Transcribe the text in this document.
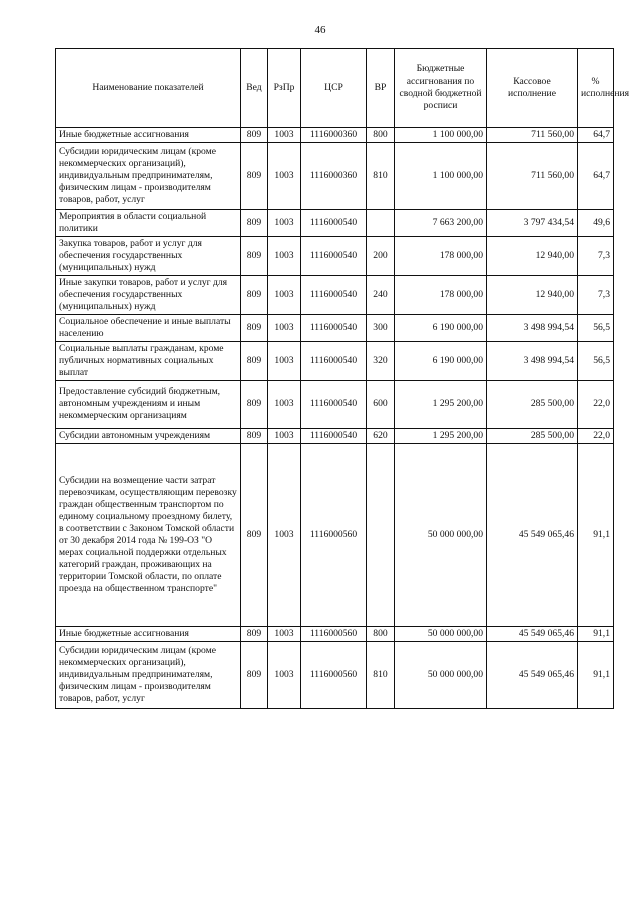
46
Наименование показателей	Вед	РзПр	ЦСР	ВР	Бюджетные ассигнования по сводной бюджетной росписи	Кассовое исполнение	% исполнения
Иные бюджетные ассигнования	809	1003	1116000360	800	1 100 000,00	711 560,00	64,7
Субсидии юридическим лицам (кроме некоммерческих организаций), индивидуальным предпринимателям, физическим лицам - производителям товаров, работ, услуг	809	1003	1116000360	810	1 100 000,00	711 560,00	64,7
Мероприятия в области социальной политики	809	1003	1116000540		7 663 200,00	3 797 434,54	49,6
Закупка товаров, работ и услуг для обеспечения государственных (муниципальных) нужд	809	1003	1116000540	200	178 000,00	12 940,00	7,3
Иные закупки товаров, работ и услуг для обеспечения государственных (муниципальных) нужд	809	1003	1116000540	240	178 000,00	12 940,00	7,3
Социальное обеспечение и иные выплаты населению	809	1003	1116000540	300	6 190 000,00	3 498 994,54	56,5
Социальные выплаты гражданам, кроме публичных нормативных социальных выплат	809	1003	1116000540	320	6 190 000,00	3 498 994,54	56,5
Предоставление субсидий бюджетным, автономным учреждениям и иным некоммерческим организациям	809	1003	1116000540	600	1 295 200,00	285 500,00	22,0
Субсидии автономным учреждениям	809	1003	1116000540	620	1 295 200,00	285 500,00	22,0
Субсидии на возмещение части затрат перевозчикам, осуществляющим перевозку граждан общественным транспортом по единому социальному проездному билету, в соответствии с Законом Томской области от 30 декабря 2014 года № 199-ОЗ "О мерах социальной поддержки отдельных категорий граждан, проживающих на территории Томской области, по оплате проезда на общественном транспорте"	809	1003	1116000560		50 000 000,00	45 549 065,46	91,1
Иные бюджетные ассигнования	809	1003	1116000560	800	50 000 000,00	45 549 065,46	91,1
Субсидии юридическим лицам (кроме некоммерческих организаций), индивидуальным предпринимателям, физическим лицам - производителям товаров, работ, услуг	809	1003	1116000560	810	50 000 000,00	45 549 065,46	91,1
